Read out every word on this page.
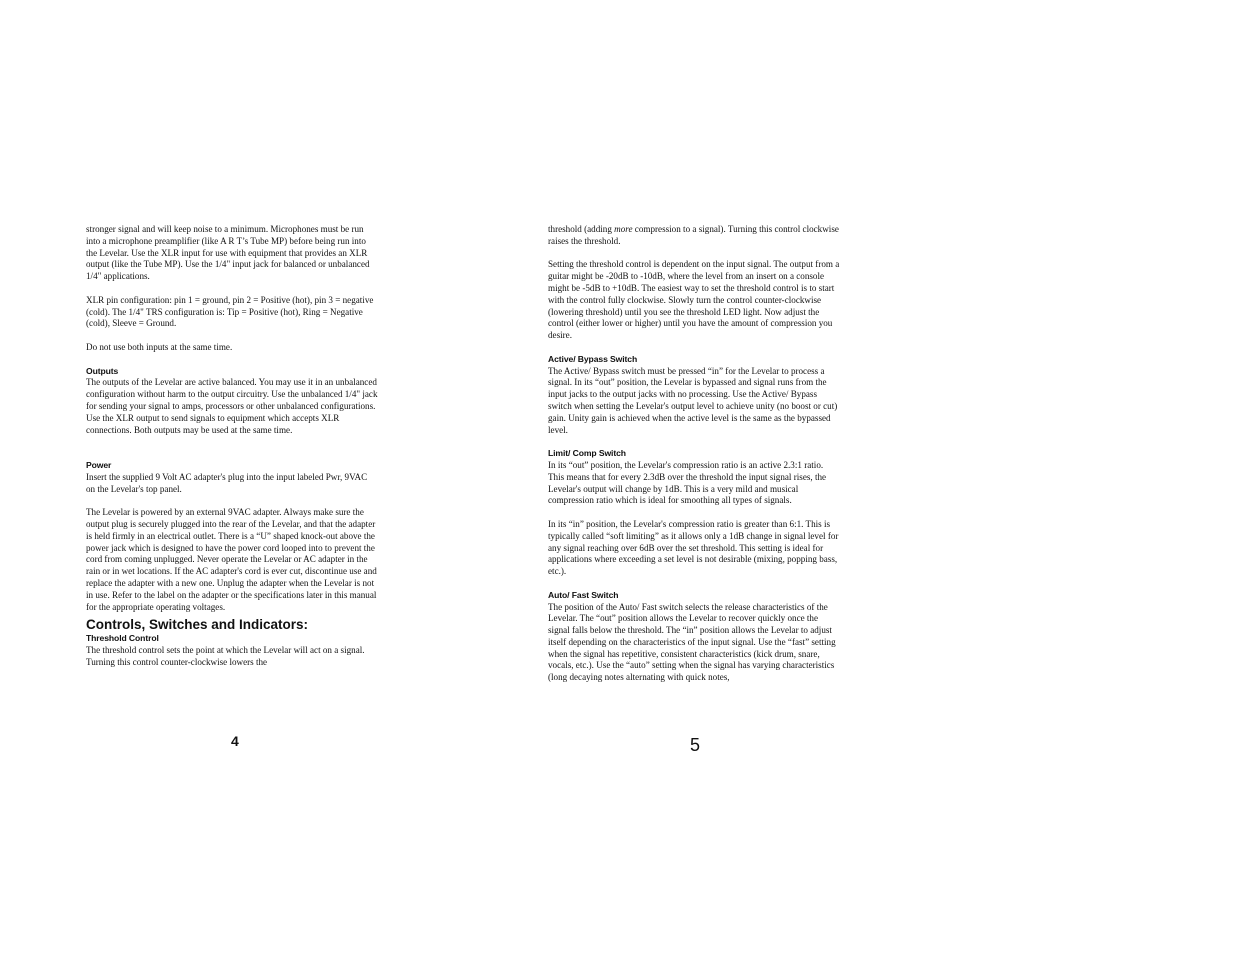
stronger signal and will keep noise to a minimum. Microphones must be run into a microphone preamplifier (like A R T’s Tube MP) before being run into the Levelar. Use the XLR input for use with equipment that provides an XLR output (like the Tube MP). Use the 1/4" input jack for balanced or unbalanced 1/4" applications.

XLR pin configuration: pin 1 = ground, pin 2 = Positive (hot), pin 3 = negative (cold). The 1/4" TRS configuration is: Tip = Positive (hot), Ring = Negative (cold), Sleeve = Ground.

Do not use both inputs at the same time.

Outputs

The outputs of the Levelar are active balanced. You may use it in an unbalanced configuration without harm to the output circuitry. Use the unbalanced 1/4" jack for sending your signal to amps, processors or other unbalanced configurations. Use the XLR output to send signals to equipment which accepts XLR connections. Both outputs may be used at the same time.

Power

Insert the supplied 9 Volt AC adapter's plug into the input labeled Pwr, 9VAC on the Levelar's top panel.

The Levelar is powered by an external 9VAC adapter. Always make sure the output plug is securely plugged into the rear of the Levelar, and that the adapter is held firmly in an electrical outlet. There is a “U” shaped knock-out above the power jack which is designed to have the power cord looped into to prevent the cord from coming unplugged. Never operate the Levelar or AC adapter in the rain or in wet locations. If the AC adapter's cord is ever cut, discontinue use and replace the adapter with a new one. Unplug the adapter when the Levelar is not in use. Refer to the label on the adapter or the specifications later in this manual for the appropriate operating voltages.

Controls, Switches and Indicators:

Threshold Control

The threshold control sets the point at which the Levelar will act on a signal. Turning this control counter-clockwise lowers the

4

threshold (adding more compression to a signal). Turning this control clockwise raises the threshold.

Setting the threshold control is dependent on the input signal. The output from a guitar might be -20dB to -10dB, where the level from an insert on a console might be -5dB to +10dB. The easiest way to set the threshold control is to start with the control fully clockwise. Slowly turn the control counter-clockwise (lowering threshold) until you see the threshold LED light. Now adjust the control (either lower or higher) until you have the amount of compression you desire.

Active/ Bypass Switch

The Active/ Bypass switch must be pressed “in” for the Levelar to process a signal. In its “out” position, the Levelar is bypassed and signal runs from the input jacks to the output jacks with no processing. Use the Active/ Bypass switch when setting the Levelar's output level to achieve unity (no boost or cut) gain. Unity gain is achieved when the active level is the same as the bypassed level.

Limit/ Comp Switch

In its “out” position, the Levelar's compression ratio is an active 2.3:1 ratio. This means that for every 2.3dB over the threshold the input signal rises, the Levelar's output will change by 1dB. This is a very mild and musical compression ratio which is ideal for smoothing all types of signals.

In its “in” position, the Levelar's compression ratio is greater than 6:1. This is typically called “soft limiting” as it allows only a 1dB change in signal level for any signal reaching over 6dB over the set threshold. This setting is ideal for applications where exceeding a set level is not desirable (mixing, popping bass, etc.).

Auto/ Fast Switch

The position of the Auto/ Fast switch selects the release characteristics of the Levelar. The “out” position allows the Levelar to recover quickly once the signal falls below the threshold. The “in” position allows the Levelar to adjust itself depending on the characteristics of the input signal. Use the “fast” setting when the signal has repetitive, consistent characteristics (kick drum, snare, vocals, etc.). Use the “auto” setting when the signal has varying characteristics (long decaying notes alternating with quick notes,

5
